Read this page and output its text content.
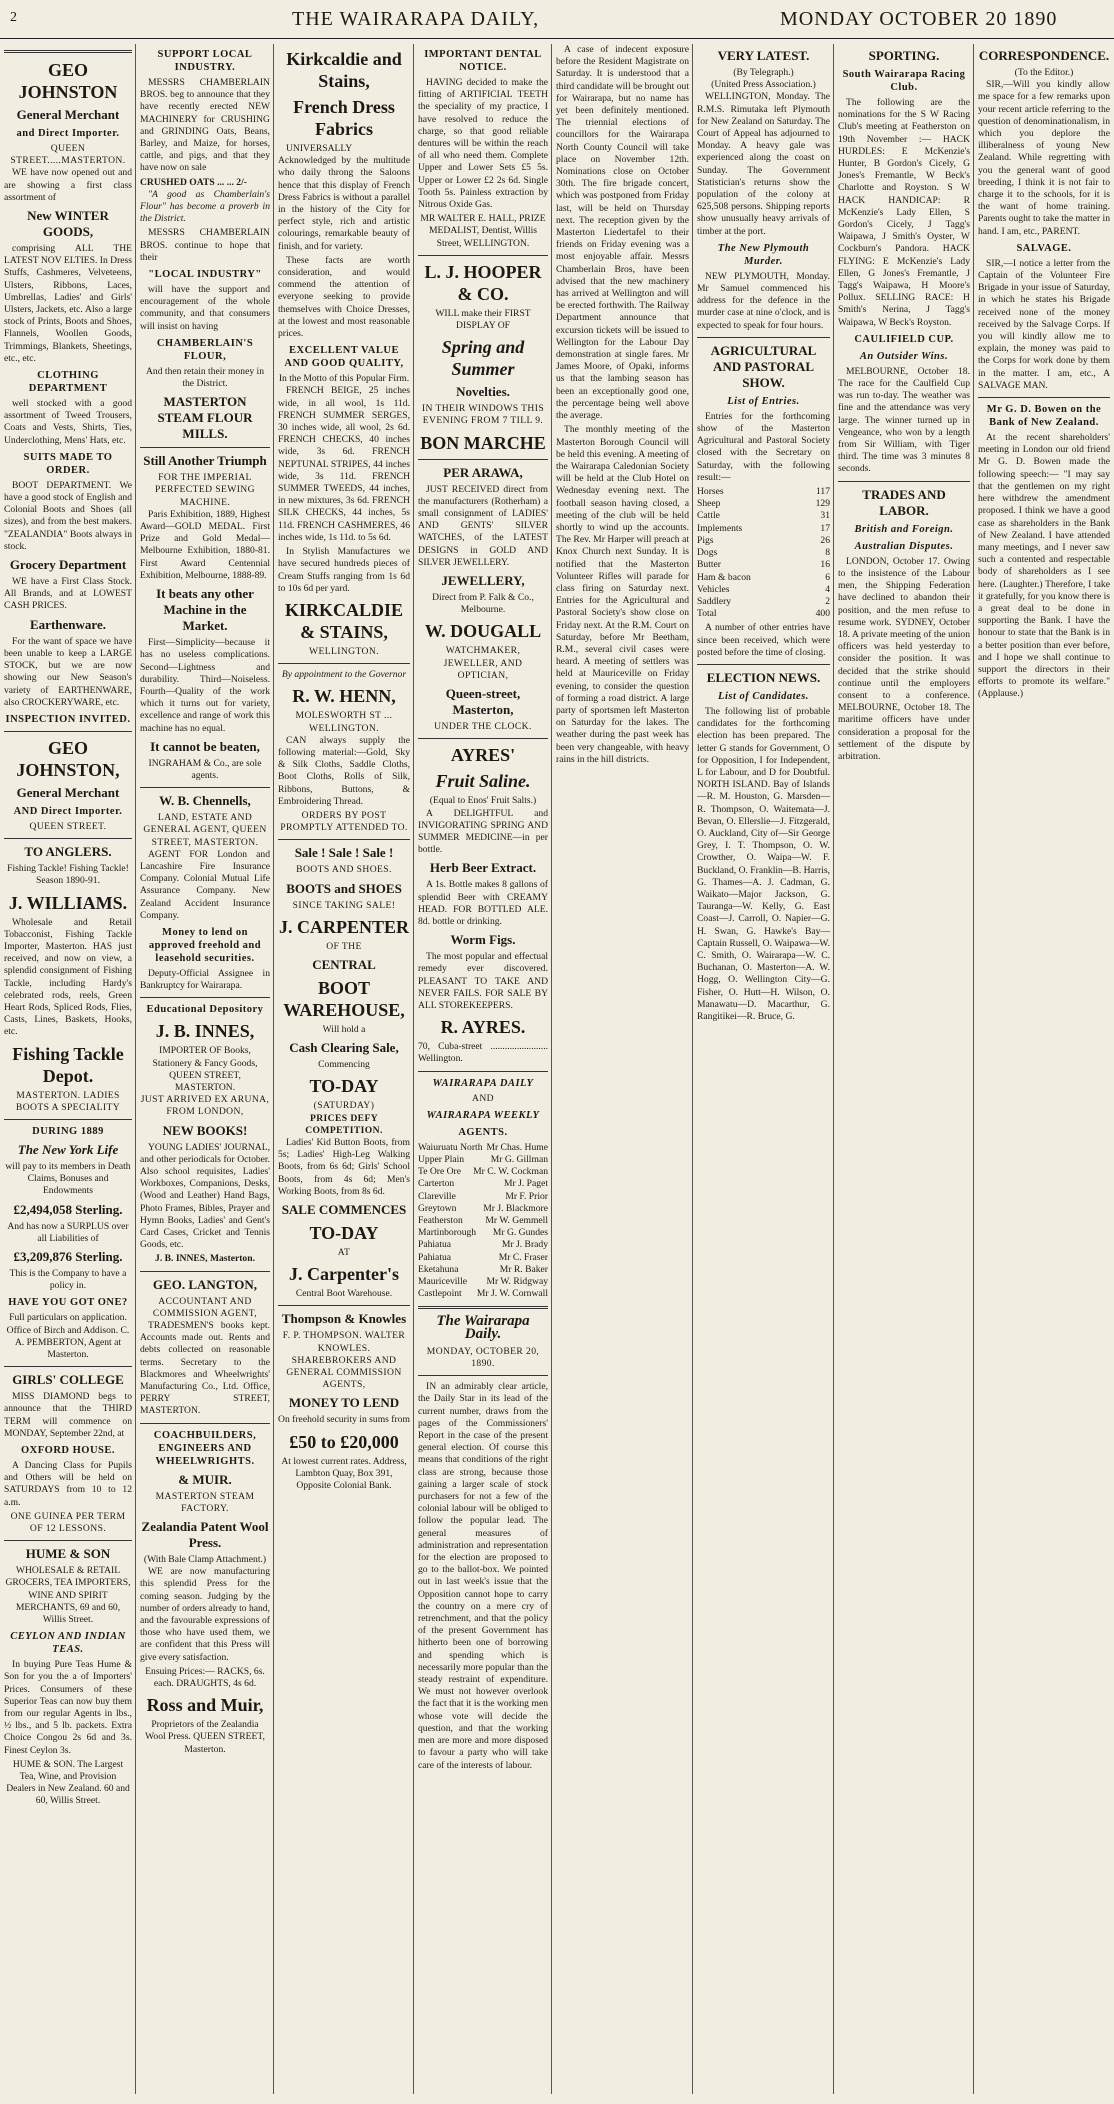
2	THE WAIRARAPA DAILY,	MONDAY OCTOBER 20 1890
GEO JOHNSTON
General Merchant
and Direct Importer.
QUEEN STREET.....MASTERTON.

WE have now opened out and are showing a first class assortment of

New WINTER GOODS,

comprising ALL THE LATEST NOV ELTIES. In Dress Stuffs, Cashmeres, Velveteens, Ulsters, Ribbons, Laces, Umbrellas, Ladies' and Girls' Ulsters, Jackets, etc. Also a large stock of Prints, Boots and Shoes, Flannels, Woollen Goods, Trimmings, Blankets, Sheetings, etc., etc.

CLOTHING DEPARTMENT

well stocked with a good assortment of Tweed Trousers, Coats and Vests, Shirts, Ties, Underclothing, Mens' Hats, etc.

SUITS MADE TO ORDER.

BOOT DEPARTMENT. We have a good stock of English and Colonial Boots and Shoes (all sizes), and from the best makers. "ZEALANDIA" Boots always in stock.

Grocery Department

WE have a First Class Stock. All Brands, and at LOWEST CASH PRICES.

Earthenware.

For the want of space we have been unable to keep a LARGE STOCK, but we are now showing our New Season's variety of EARTHENWARE, also CROCKERYWARE, etc.

INSPECTION INVITED.
GEO JOHNSTON,
General Merchant
AND Direct Importer.
QUEEN STREET.
TO ANGLERS.
Fishing Tackle! Fishing Tackle! Season 1890-91.
J. WILLIAMS.

Wholesale and Retail Tobacconist, Fishing Tackle Importer, Masterton. HAS just received, and now on view, a splendid consignment of Fishing Tackle, including Hardy's celebrated rods, reels, Green Heart Rods, Spliced Rods, Flies, Casts, Lines, Baskets, Hooks, etc.

Fishing Tackle Depot.
MASTERTON. LADIES BOOTS A SPECIALITY
DURING 1889
The New York Life

will pay to its members in Death Claims, Bonuses and Endowments

£2,494,058 Sterling.

And has now a SURPLUS over all Liabilities of

£3,209,876 Sterling.

This is the Company to have a policy in.

HAVE YOU GOT ONE?

Full particulars on application. Office of Birch and Addison. C. A. PEMBERTON, Agent at Masterton.

GIRLS' COLLEGE

MISS DIAMOND begs to announce that the THIRD TERM will commence on MONDAY, September 22nd, at

OXFORD HOUSE.

A Dancing Class for Pupils and Others will be held on SATURDAYS from 10 to 12 a.m.

ONE GUINEA PER TERM OF 12 LESSONS.
HUME & SON

WHOLESALE & RETAIL GROCERS, TEA IMPORTERS, WINE AND SPIRIT MERCHANTS, 69 and 60, Willis Street.

CEYLON AND INDIAN TEAS.

In buying Pure Teas Hume & Son for you the a of Importers' Prices. Consumers of these Superior Teas can now buy them from our regular Agents in lbs., ½ lbs., and 5 lb. packets. Extra Choice Congou 2s 6d and 3s. Finest Ceylon 3s.

HUME & SON. The Largest Tea, Wine, and Provision Dealers in New Zealand. 60 and 60, Willis Street.

SUPPORT LOCAL INDUSTRY.

MESSRS CHAMBERLAIN BROS. beg to announce that they have recently erected NEW MACHINERY for CRUSHING and GRINDING Oats, Beans, Barley, and Maize, for horses, cattle, and pigs, and that they have now on sale

CRUSHED OATS ... ... 2/-

"A good as Chamberlain's Flour" has become a proverb in the District.

MESSRS CHAMBERLAIN BROS. continue to hope that their

"LOCAL INDUSTRY"

will have the support and encouragement of the whole community, and that consumers will insist on having

CHAMBERLAIN'S FLOUR,

And then retain their money in the District.

MASTERTON STEAM FLOUR MILLS.
Still Another Triumph
FOR THE IMPERIAL PERFECTED SEWING MACHINE.

Paris Exhibition, 1889, Highest Award—GOLD MEDAL. First Prize and Gold Medal—Melbourne Exhibition, 1880-81. First Award Centennial Exhibition, Melbourne, 1888-89.

It beats any other Machine in the Market.

First—Simplicity—because it has no useless complications. Second—Lightness and durability. Third—Noiseless. Fourth—Quality of the work which it turns out for variety, excellence and range of work this machine has no equal.

It cannot be beaten,
INGRAHAM & Co., are sole agents.
W. B. Chennells,
LAND, ESTATE AND GENERAL AGENT, QUEEN STREET, MASTERTON.

AGENT FOR London and Lancashire Fire Insurance Company. Colonial Mutual Life Assurance Company. New Zealand Accident Insurance Company.

Money to lend on approved freehold and leasehold securities.

Deputy-Official Assignee in Bankruptcy for Wairarapa.

Educational Depository
J. B. INNES,
IMPORTER OF Books, Stationery & Fancy Goods, QUEEN STREET, MASTERTON.
JUST ARRIVED EX ARUNA, FROM LONDON,
NEW BOOKS!

YOUNG LADIES' JOURNAL, and other periodicals for October. Also school requisites, Ladies' Workboxes, Companions, Desks, (Wood and Leather) Hand Bags, Photo Frames, Bibles, Prayer and Hymn Books, Ladies' and Gent's Card Cases, Cricket and Tennis Goods, etc.

J. B. INNES, Masterton.
GEO. LANGTON,
ACCOUNTANT AND COMMISSION AGENT,

TRADESMEN'S books kept. Accounts made out. Rents and debts collected on reasonable terms. Secretary to the Blackmores and Wheelwrights' Manufacturing Co., Ltd. Office, PERRY STREET, MASTERTON.

COACHBUILDERS, ENGINEERS AND WHEELWRIGHTS.
& MUIR.
MASTERTON STEAM FACTORY.
Zealandia Patent Wool Press.
(With Bale Clamp Attachment.)

WE are now manufacturing this splendid Press for the coming season. Judging by the number of orders already to hand, and the favourable expressions of those who have used them, we are confident that this Press will give every satisfaction.

Ensuing Prices:— RACKS, 6s. each. DRAUGHTS, 4s 6d.

Ross and Muir,
Proprietors of the Zealandia Wool Press. QUEEN STREET, Masterton.
Kirkcaldie and Stains,
French Dress Fabrics

UNIVERSALLY Acknowledged by the multitude who daily throng the Saloons hence that this display of French Dress Fabrics is without a parallel in the history of the City for perfect style, rich and artistic colourings, remarkable beauty of finish, and for variety.

These facts are worth consideration, and would commend the attention of everyone seeking to provide themselves with Choice Dresses, at the lowest and most reasonable prices.

EXCELLENT VALUE AND GOOD QUALITY,
In the Motto of this Popular Firm.

FRENCH BEIGE, 25 inches wide, in all wool, 1s 11d. FRENCH SUMMER SERGES, 30 inches wide, all wool, 2s 6d. FRENCH CHECKS, 40 inches wide, 3s 6d. FRENCH NEPTUNAL STRIPES, 44 inches wide, 3s 11d. FRENCH SUMMER TWEEDS, 44 inches, in new mixtures, 3s 6d. FRENCH SILK CHECKS, 44 inches, 5s 11d. FRENCH CASHMERES, 46 inches wide, 1s 11d. to 5s 6d.

In Stylish Manufactures we have secured hundreds pieces of Cream Stuffs ranging from 1s 6d to 10s 6d per yard.

KIRKCALDIE & STAINS,
WELLINGTON.
By appointment to the Governor
R. W. HENN,
MOLESWORTH ST ... WELLINGTON.

CAN always supply the following material:—Gold, Sky & Silk Cloths, Saddle Cloths, Boot Cloths, Rolls of Silk, Ribbons, Buttons, & Embroidering Thread.

ORDERS BY POST PROMPTLY ATTENDED TO.
Sale ! Sale ! Sale !
BOOTS AND SHOES.
BOOTS and SHOES
SINCE TAKING SALE!
J. CARPENTER
OF THE
CENTRAL
BOOT WAREHOUSE,
Will hold a
Cash Clearing Sale,
Commencing
TO-DAY
(SATURDAY)
PRICES DEFY COMPETITION.

Ladies' Kid Button Boots, from 5s; Ladies' High-Leg Walking Boots, from 6s 6d; Girls' School Boots, from 4s 6d; Men's Working Boots, from 8s 6d.

SALE COMMENCES
TO-DAY
AT
J. Carpenter's
Central Boot Warehouse.
Thompson & Knowles
F. P. THOMPSON. WALTER KNOWLES.
SHAREBROKERS AND GENERAL COMMISSION AGENTS,
MONEY TO LEND
On freehold security in sums from
£50 to £20,000

At lowest current rates. Address, Lambton Quay, Box 391, Opposite Colonial Bank.

IMPORTANT DENTAL NOTICE.

HAVING decided to make the fitting of ARTIFICIAL TEETH the speciality of my practice, I have resolved to reduce the charge, so that good reliable dentures will be within the reach of all who need them. Complete Upper and Lower Sets £5 5s. Upper or Lower £2 2s 6d. Single Tooth 5s. Painless extraction by Nitrous Oxide Gas.

MR WALTER E. HALL, PRIZE MEDALIST, Dentist, Willis Street, WELLINGTON.

L. J. HOOPER & CO.
WILL make their FIRST DISPLAY OF
Spring and Summer
Novelties.
IN THEIR WINDOWS THIS EVENING FROM 7 TILL 9.
BON MARCHE
PER ARAWA,

JUST RECEIVED direct from the manufacturers (Rotherham) a small consignment of LADIES' AND GENTS' SILVER WATCHES, of the LATEST DESIGNS in GOLD AND SILVER JEWELLERY.

JEWELLERY,
Direct from P. Falk & Co., Melbourne.
W. DOUGALL
WATCHMAKER, JEWELLER, AND OPTICIAN,
Queen-street, Masterton,
UNDER THE CLOCK.
AYRES'
Fruit Saline.
(Equal to Enos' Fruit Salts.)

A DELIGHTFUL and INVIGORATING SPRING AND SUMMER MEDICINE—in per bottle.

Herb Beer Extract.

A 1s. Bottle makes 8 gallons of splendid Beer with CREAMY HEAD. FOR BOTTLED ALE. 8d. bottle or drinking.

Worm Figs.

The most popular and effectual remedy ever discovered. PLEASANT TO TAKE AND NEVER FAILS. FOR SALE BY ALL STOREKEEPERS.

R. AYRES.
70, Cuba-street ........................ Wellington.
WAIRARAPA DAILY
AND
WAIRARAPA WEEKLY
AGENTS.
Waiuruatu North Mr Chas. Hume
Upper Plain	Mr G. Gillman
Te Ore Ore Mr C. W. Cockman
Carterton	Mr J. Paget
Clareville	Mr F. Prior
Greytown	Mr J. Blackmore
Featherston Mr W. Gemmell
Martinborough Mr G. Gundes
Pahiatua	Mr J. Brady
Pahiatua	Mr C. Fraser
Eketahuna	Mr R. Baker
Mauriceville Mr W. Ridgway
Castlepoint Mr J. W. Cornwall
The Wairarapa Daily.
MONDAY, OCTOBER 20, 1890.

IN an admirably clear article, the Daily Star in its lead of the current number, draws from the pages of the Commissioners' Report in the case of the present general election. Of course this means that conditions of the right class are strong, because those gaining a larger scale of stock purchasers for not a few of the colonial labour will be obliged to follow the popular lead. The general measures of administration and representation for the election are proposed to go to the ballot-box. We pointed out in last week's issue that the Opposition cannot hope to carry the country on a mere cry of retrenchment, and that the policy of the present Government has hitherto been one of borrowing and spending which is necessarily more popular than the steady restraint of expenditure. We must not however overlook the fact that it is the working men whose vote will decide the question, and that the working men are more and more disposed to favour a party who will take care of the interests of labour.

A case of indecent exposure before the Resident Magistrate on Saturday. It is understood that a third candidate will be brought out for Wairarapa, but no name has yet been definitely mentioned. The triennial elections of councillors for the Wairarapa North County Council will take place on November 12th. Nominations close on October 30th. The fire brigade concert, which was postponed from Friday last, will be held on Thursday next. The reception given by the Masterton Liedertafel to their friends on Friday evening was a most enjoyable affair. Messrs Chamberlain Bros, have been advised that the new machinery has arrived at Wellington and will be erected forthwith. The Railway Department announce that excursion tickets will be issued to Wellington for the Labour Day demonstration at single fares. Mr James Moore, of Opaki, informs us that the lambing season has been an exceptionally good one, the percentage being well above the average.

The monthly meeting of the Masterton Borough Council will be held this evening. A meeting of the Wairarapa Caledonian Society will be held at the Club Hotel on Wednesday evening next. The football season having closed, a meeting of the club will be held shortly to wind up the accounts. The Rev. Mr Harper will preach at Knox Church next Sunday. It is notified that the Masterton Volunteer Rifles will parade for class firing on Saturday next. Entries for the Agricultural and Pastoral Society's show close on Friday next. At the R.M. Court on Saturday, before Mr Beetham, R.M., several civil cases were heard. A meeting of settlers was held at Mauriceville on Friday evening, to consider the question of forming a road district. A large party of sportsmen left Masterton on Saturday for the lakes. The weather during the past week has been very changeable, with heavy rains in the hill districts.

VERY LATEST.
(By Telegraph.)
(United Press Association.)

WELLINGTON, Monday. The R.M.S. Rimutaka left Plymouth for New Zealand on Saturday. The Court of Appeal has adjourned to Monday. A heavy gale was experienced along the coast on Sunday. The Government Statistician's returns show the population of the colony at 625,508 persons. Shipping reports show unusually heavy arrivals of timber at the port.

The New Plymouth Murder.

NEW PLYMOUTH, Monday. Mr Samuel commenced his address for the defence in the murder case at nine o'clock, and is expected to speak for four hours.

AGRICULTURAL AND PASTORAL SHOW.
List of Entries.

Entries for the forthcoming show of the Masterton Agricultural and Pastoral Society closed with the Secretary on Saturday, with the following result:—

Horses	117
Sheep	129
Cattle	31
Implements	17
Pigs	26
Dogs	8
Butter	16
Ham & bacon	6
Vehicles	4
Saddlery	2
Total	400

A number of other entries have since been received, which were posted before the time of closing.

ELECTION NEWS.
List of Candidates.

The following list of probable candidates for the forthcoming election has been prepared. The letter G stands for Government, O for Opposition, I for Independent, L for Labour, and D for Doubtful. NORTH ISLAND. Bay of Islands—R. M. Houston, G. Marsden—R. Thompson, O. Waitemata—J. Bevan, O. Ellerslie—J. Fitzgerald, O. Auckland, City of—Sir George Grey, I. T. Thompson, O. W. Crowther, O. Waipa—W. F. Buckland, O. Franklin—B. Harris, G. Thames—A. J. Cadman, G. Waikato—Major Jackson, G. Tauranga—W. Kelly, G. East Coast—J. Carroll, O. Napier—G. H. Swan, G. Hawke's Bay—Captain Russell, O. Waipawa—W. C. Smith, O. Wairarapa—W. C. Buchanan, O. Masterton—A. W. Hogg, O. Wellington City—G. Fisher, O. Hutt—H. Wilson, O. Manawatu—D. Macarthur, G. Rangitikei—R. Bruce, G.

SPORTING.
South Wairarapa Racing Club.

The following are the nominations for the S W Racing Club's meeting at Featherston on 19th November :— HACK HURDLES: E McKenzie's Hunter, B Gordon's Cicely, G Jones's Fremantle, W Beck's Charlotte and Royston. S W HACK HANDICAP: R McKenzie's Lady Ellen, S Gordon's Cicely, J Tagg's Waipawa, J Smith's Oyster, W Cockburn's Pandora. HACK FLYING: E McKenzie's Lady Ellen, G Jones's Fremantle, J Tagg's Waipawa, H Moore's Pollux. SELLING RACE: H Smith's Nerina, J Tagg's Waipawa, W Beck's Royston.

CAULIFIELD CUP.
An Outsider Wins.

MELBOURNE, October 18. The race for the Caulfield Cup was run to-day. The weather was fine and the attendance was very large. The winner turned up in Vengeance, who won by a length from Sir William, with Tiger third. The time was 3 minutes 8 seconds.

TRADES AND LABOR.
British and Foreign.
Australian Disputes.

LONDON, October 17. Owing to the insistence of the Labour men, the Shipping Federation have declined to abandon their position, and the men refuse to resume work. SYDNEY, October 18. A private meeting of the union officers was held yesterday to consider the position. It was decided that the strike should continue until the employers consent to a conference. MELBOURNE, October 18. The maritime officers have under consideration a proposal for the settlement of the dispute by arbitration.

CORRESPONDENCE.
(To the Editor.)

SIR,—Will you kindly allow me space for a few remarks upon your recent article referring to the question of denominationalism, in which you deplore the illiberalness of young New Zealand. While regretting with you the general want of good breeding, I think it is not fair to charge it to the schools, for it is the want of home training. Parents ought to take the matter in hand. I am, etc., PARENT.

SALVAGE.

SIR,—I notice a letter from the Captain of the Volunteer Fire Brigade in your issue of Saturday, in which he states his Brigade received none of the money received by the Salvage Corps. If you will kindly allow me to explain, the money was paid to the Corps for work done by them in the matter. I am, etc., A SALVAGE MAN.

Mr G. D. Bowen on the Bank of New Zealand.

At the recent shareholders' meeting in London our old friend Mr G. D. Bowen made the following speech:— "I may say that the gentlemen on my right here withdrew the amendment proposed. I think we have a good case as shareholders in the Bank of New Zealand. I have attended many meetings, and I never saw such a contented and respectable body of shareholders as I see here. (Laughter.) Therefore, I take it gratefully, for you know there is a great deal to be done in supporting the Bank. I have the honour to state that the Bank is in a better position than ever before, and I hope we shall continue to support the directors in their efforts to promote its welfare." (Applause.)
